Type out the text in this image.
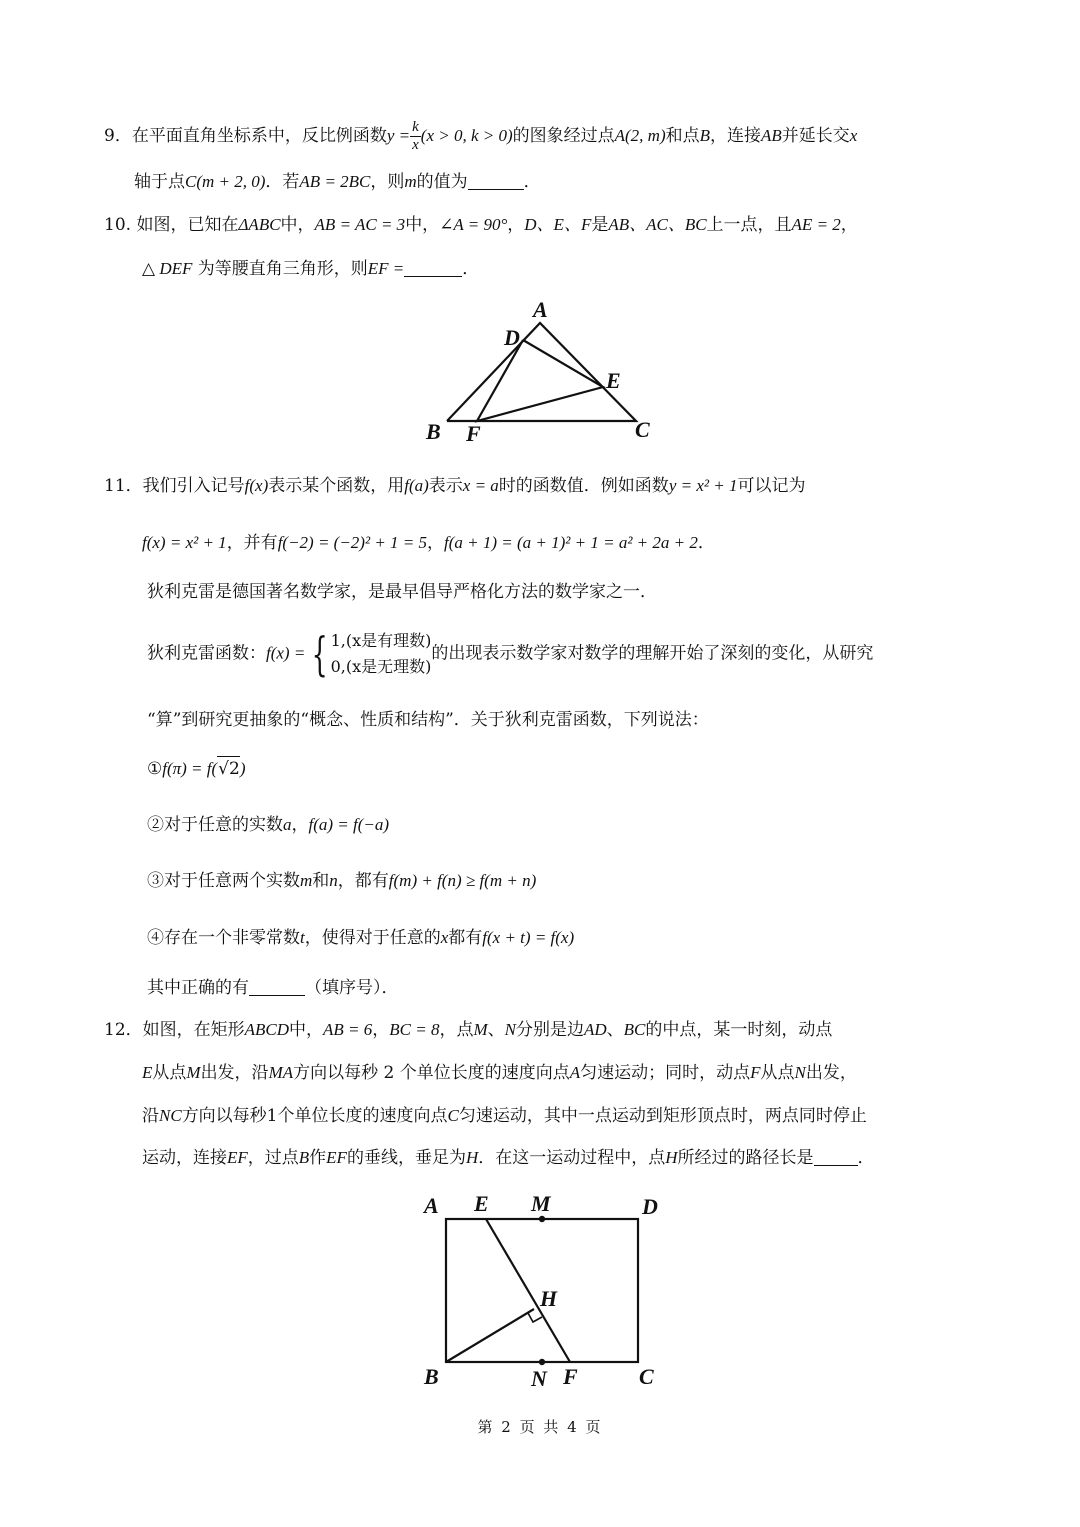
9．在平面直角坐标系中，反比例函数$y = \frac{k}{x} (x > 0$, k > 0)的图象经过点A(2, m)和点B，连接AB并延长交x
轴于点C(m + 2, 0)．若AB = 2BC，则m的值为	．
10. 如图，已知在ΔABC中，AB = AC = 3中，∠A = 90°，D、E、F是AB、AC、BC上一点，且AE = 2，
△ DEF 为等腰直角三角形，则EF =	．
A
D
E
B F	C
11．我们引入记号f(x)表示某个函数，用f(a)表示x = a时的函数值．例如函数y = x² + 1可以记为
f(x) = x² + 1，并有f(−2) = (−2)² + 1 = 5，f(a + 1) = (a + 1)² + 1 = a² + 2a + 2．
狄利克雷是德国著名数学家，是最早倡导严格化方法的数学家之一．
狄利克雷函数：f(x) = { 1,(x是有理数)
0,(x是无理数)
的出现表示数学家对数学的理解开始了深刻的变化，从研究
“算”到研究更抽象的“概念、性质和结构”．关于狄利克雷函数，下列说法：
①f(π) = f(√2)
②对于任意的实数a，f(a) = f(−a)
③对于任意两个实数m和n，都有f(m) + f(n) ≥ f(m + n)
④存在一个非零常数t，使得对于任意的x都有f(x + t) = f(x)
其中正确的有	（填序号）．
12．如图，在矩形ABCD中，AB = 6，BC = 8，点M、N分别是边AD、BC的中点，某一时刻，动点
E从点M出发，沿MA方向以每秒 2 个单位长度的速度向点A匀速运动；同时，动点F从点N出发，
沿NC方向以每秒1个单位长度的速度向点C匀速运动，其中一点运动到矩形顶点时，两点同时停止
运动，连接EF，过点B作EF的垂线，垂足为H．在这一运动过程中，点H所经过的路径长是	．
A E M	D
H
B	N F	C
第 2 页 共 4 页
